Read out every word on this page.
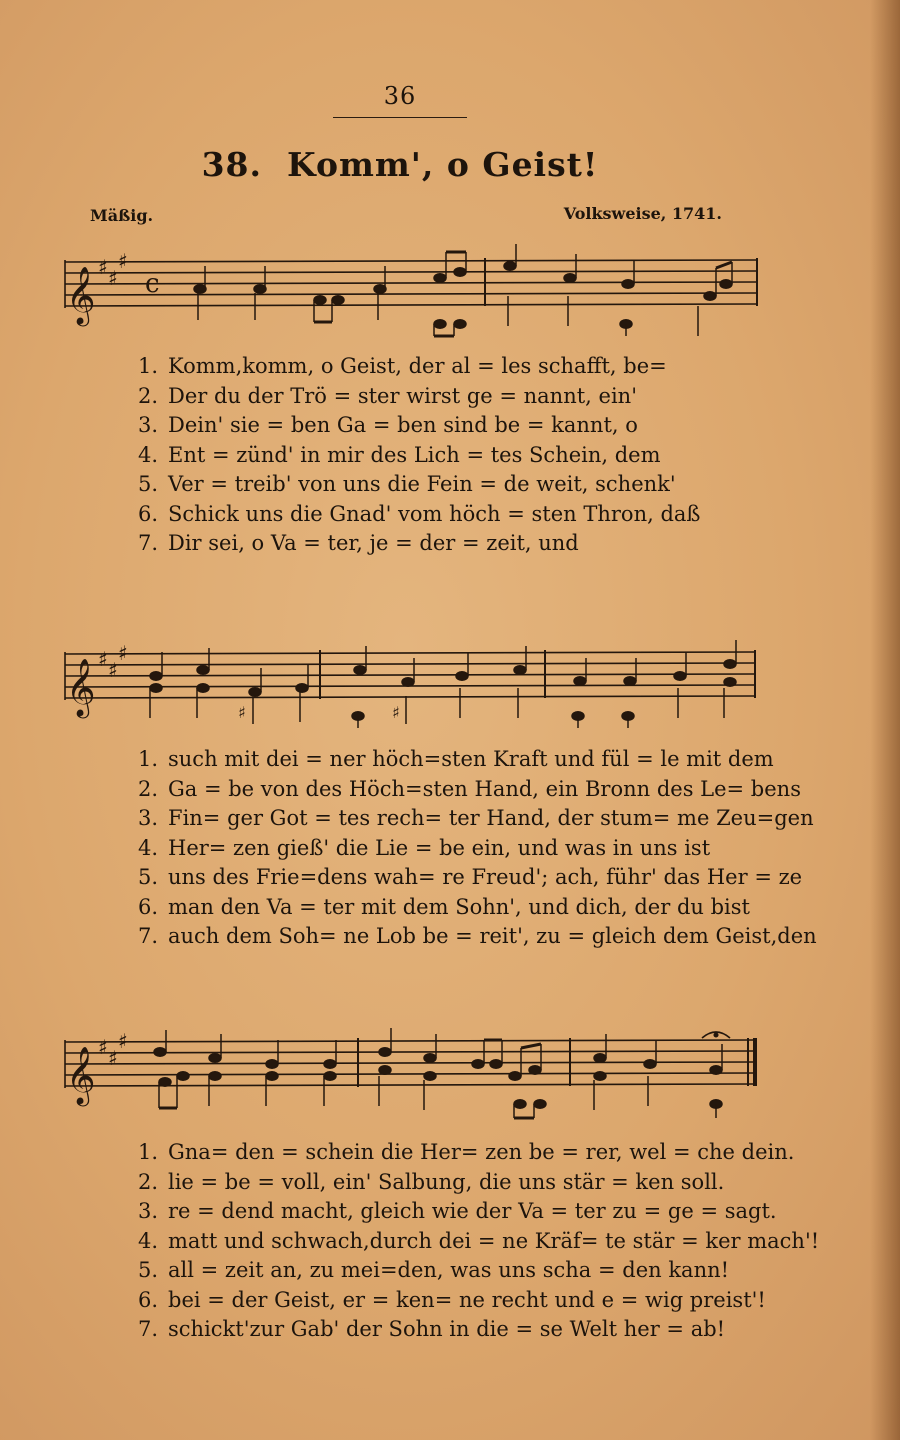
36
38. Komm', o Geist!
Mäßig.	Volksweise, 1741.
𝄞 ♯ ♯
♯
c
1. Komm,komm, o Geist, der al = les schafft, be=
2. Der du der Trö = ster wirst ge = nannt, ein'
3. Dein' sie = ben Ga = ben sind be = kannt, o
4. Ent = zünd' in mir des Lich = tes Schein, dem
5. Ver = treib' von uns die Fein = de weit, schenk'
6. Schick uns die Gnad' vom höch = sten Thron, daß
7. Dir sei, o Va = ter, je = der = zeit, und
𝄞 ♯ ♯
♯
♯	♯
1. such mit dei = ner höch=sten Kraft und fül = le mit dem
2. Ga = be von des Höch=sten Hand, ein Bronn des Le= bens
3. Fin= ger Got = tes rech= ter Hand, der stum= me Zeu=gen
4. Her= zen gieß' die Lie = be ein, und was in uns ist
5. uns des Frie=dens wah= re Freud'; ach, führ' das Her = ze
6. man den Va = ter mit dem Sohn', und dich, der du bist
7. auch dem Soh= ne Lob be = reit', zu = gleich dem Geist,den
𝄞 ♯ ♯
♯
1. Gna= den = schein die Her= zen be = rer, wel = che dein.
2. lie = be = voll, ein' Salbung, die uns stär = ken soll.
3. re = dend macht, gleich wie der Va = ter zu = ge = sagt.
4. matt und schwach,durch dei = ne Kräf= te stär = ker mach'!
5. all = zeit an, zu mei=den, was uns scha = den kann!
6. bei = der Geist, er = ken= ne recht und e = wig preist'!
7. schickt'zur Gab' der Sohn in die = se Welt her = ab!
